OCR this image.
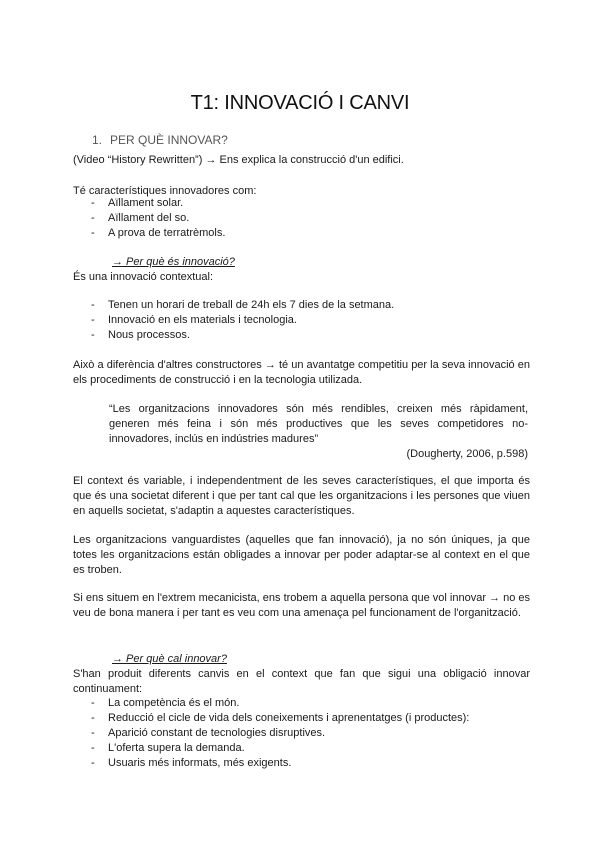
T1: INNOVACIÓ I CANVI
1. PER QUÈ INNOVAR?

(Video “History Rewritten”) → Ens explica la construcció d'un edifici.

Té característiques innovadores com:

- Aïllament solar.
- Aïllament del so.
- A prova de terratrèmols.

→ Per què és innovació?

És una innovació contextual:

- Tenen un horari de treball de 24h els 7 dies de la setmana.
- Innovació en els materials i tecnologia.
- Nous processos.

Això a diferència d'altres constructores → té un avantatge competitiu per la seva innovació en els procediments de construcció i en la tecnologia utilizada.

“Les organitzacions innovadores són més rendibles, creixen més ràpidament, generen més feina i són més productives que les seves competidores no-innovadores, inclús en indústries madures”

(Dougherty, 2006, p.598)

El context és variable, i independentment de les seves característiques, el que importa és que és una societat diferent i que per tant cal que les organitzacions i les persones que viuen en aquells societat, s'adaptin a aquestes característiques.

Les organitzacions vanguardistes (aquelles que fan innovació), ja no són úniques, ja que totes les organitzacions están obligades a innovar per poder adaptar-se al context en el que es troben.

Si ens situem en l'extrem mecanicista, ens trobem a aquella persona que vol innovar → no es veu de bona manera i per tant es veu com una amenaça pel funcionament de l'organització.

→ Per què cal innovar?

S'han produit diferents canvis en el context que fan que sigui una obligació innovar continuament:

- La competència és el món.
- Reducció el cicle de vida dels coneixements i aprenentatges (i productes):
- Aparició constant de tecnologies disruptives.
- L'oferta supera la demanda.
- Usuaris més informats, més exigents.
